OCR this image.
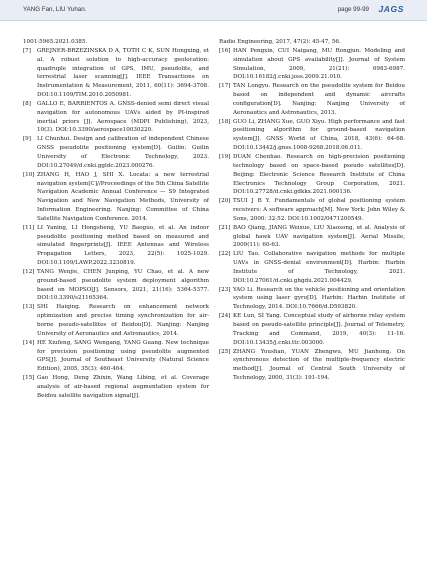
YANG Fan, LIU Yuhan.	page 99-99 JAGS
1001-5965.2021.0385.
[7] GREJNER-BRZEZINSKA D A, TOTH C K, SUN Hongxing, et al. A robust solution to high-accuracy geolocation: quadruple integration of GPS, IMU, pseudolite, and terrestrial laser scanning[J]. IEEE Transactions on Instrumentation & Measurement, 2011, 60(11): 3694-3708. DOI:10.1109/TIM.2010.2050981.
[8] GALLO E, BARRIENTOS A. GNSS-denied semi direct visual navigation for autonomous UAVs aided by PI-inspired inertial priors [J]. Aerospace (MDPI Publishing), 2023, 10(3). DOI:10.3390/aerospace10030220.
[9] LI Chunhui. Design and calibration of independent Chinese GNSS pseudolite positioning system[D]. Guilin: Guilin University of Electronic Technology, 2023. DOI:10.27049/d.cnki.ggldc.2023.000276.
[10] ZHANG H, HAO J, SHI X. Locata: a new terrestrial navigation system[C]//Proceedings of the 5th China Satellite Navigation Academic Annual Conference — S9 Integrated Navigation and New Navigation Methods, University of Information Engineering. Nanjing: Committee of China Satellite Navigation Conference. 2014.
[11] LI Yaning, LI Hongsheng, YU Baoguo, et al. An indoor pseudolite positioning method based on measured and simulated fingerprints[J]. IEEE Antennas and Wireless Propagation Letters, 2023, 22(5): 1025-1029. DOI:10.1109/LAWP.2022.3230819.
[12] TANG Wenjie, CHEN Junping, YU Chao, et al. A new ground-based pseudolite system deployment algorithm based on MOPSO[J]. Sensors, 2021, 21(16): 5364-5377. DOI:10.3390/s21165364.
[13] SHI Haiqing. Research on enhancement network optimization and precise timing synchronization for air-borne pseudo-satellites of Beidou[D]. Nanjing: Nanjing University of Aeronautics and Astronautics, 2014.
[14] HE Xiufeng, SANG Wengang, YANG Guang. New technique for precision positioning using pseudolite augmented GPS[J]. Journal of Southeast University (Natural Science Edition), 2005, 35(3): 460-464.
[15] Gao Hong, Deng Zhixin, Wang Libing, et al. Coverage analysis of air-based regional augmentation system for Beidou satellite navigation signal[J].
Radio Engineering, 2017, 47(2): 45-47, 56.
[16] HAN Pengxin, CUI Naigang, MU Rongjun. Modeling and simulation about GPS availability[J]. Journal of System Simulation, 2009, 21(21): 6983-6987. DOI:10.16182/j.cnki.joss.2009.21.010.
[17] TAN Longyu. Research on the pseudolite system for Beidou based on independent and dynamic aircrafts configuration[D]. Nanjing: Nanjing University of Aeronautics and Astronautics, 2013.
[18] GUO Li, ZHANG Xue, GUO Xiyu. High performance and fast positioning algorithm for ground-based navigation system[J]. GNSS World of China, 2018, 43(6): 64-68. DOI:10.13442/j.gnss.1008-9268.2018.06.011.
[19] DUAN Chenhao. Research on high-precision positioning technology based on space-based pseudo satellites[D]. Beijing: Electronic Science Research Institute of China Electronics Technology Group Corporation, 2021. DOI:10.27728/d.cnki.gdkkx.2021.000136.
[20] TSUI J B Y. Fundamentals of global positioning system receivers: A software approach[M]. New York: John Wiley & Sons, 2000: 32-52. DOI:10.1002/0471200549.
[21] BAO Qiang, JIANG Weixue, LIU Xiaosong, et al. Analysis of global hawk UAV navigation system[J]. Aerial Missile, 2009(11): 60-63.
[22] LIU Tao. Collaborative navigation methods for multiple UAVs in GNSS-denial environment[D]. Harbin: Harbin Institute of Technology, 2021. DOI:10.27061/d.cnki.ghgdu.2021.004429.
[23] YAO Li. Research on the vehicle positioning and orientation system using laser gyro[D]. Harbin: Harbin Institute of Technology, 2014. DOI:10.7666/d.D593820.
[24] KE Lun, SI Yang. Conceptual study of airborne relay system based on pseudo-satellite principle[J]. Journal of Telemetry, Tracking and Command, 2019, 40(3): 11-16. DOI:10.13435/j.cnki.ttc.003000.
[25] ZHANG Youshan, YUAN Zhengwu, MU Jianhong. On synchronous detection of the multiple-frequency electric method[J]. Journal of Central South University of Technology, 2000, 31(3): 191-194.
